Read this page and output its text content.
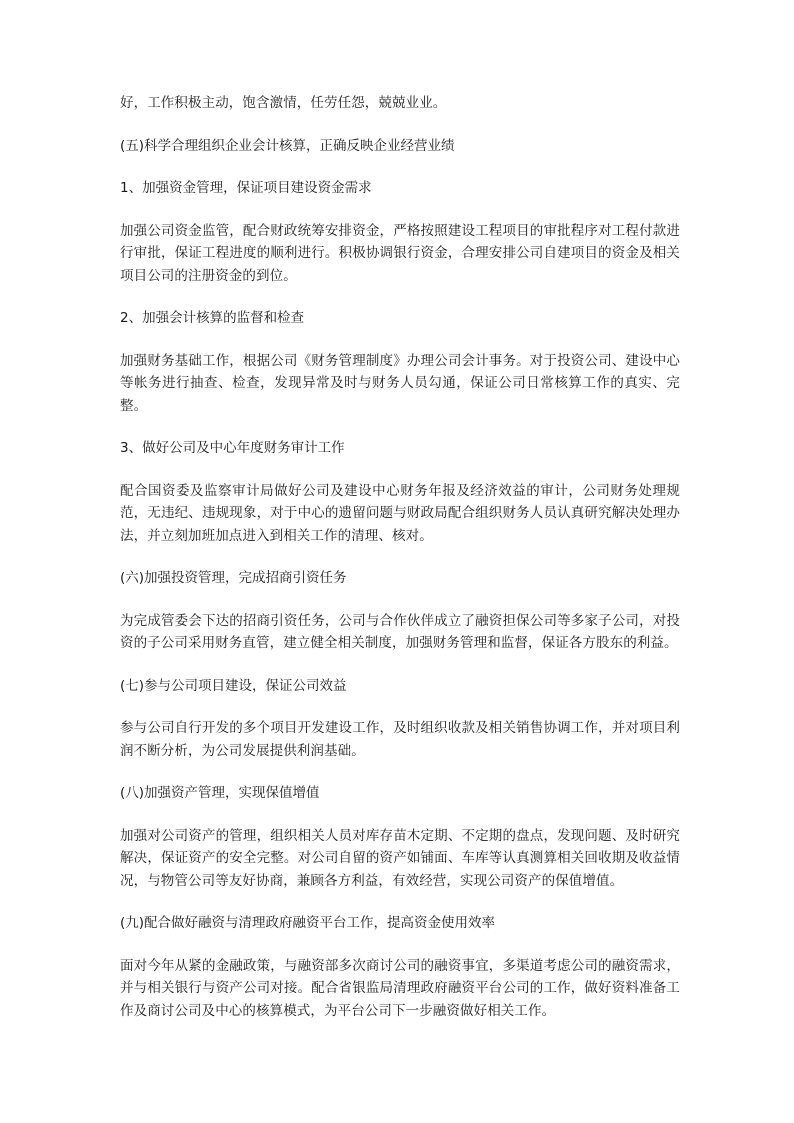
好，工作积极主动，饱含激情，任劳任怨，兢兢业业。

(五)科学合理组织企业会计核算，正确反映企业经营业绩

1、加强资金管理，保证项目建设资金需求

加强公司资金监管，配合财政统筹安排资金，严格按照建设工程项目的审批程序对工程付款进行审批，保证工程进度的顺利进行。积极协调银行资金，合理安排公司自建项目的资金及相关项目公司的注册资金的到位。

2、加强会计核算的监督和检查

加强财务基础工作，根据公司《财务管理制度》办理公司会计事务。对于投资公司、建设中心等帐务进行抽查、检查，发现异常及时与财务人员勾通，保证公司日常核算工作的真实、完整。

3、做好公司及中心年度财务审计工作

配合国资委及监察审计局做好公司及建设中心财务年报及经济效益的审计，公司财务处理规范，无违纪、违规现象，对于中心的遗留问题与财政局配合组织财务人员认真研究解决处理办法，并立刻加班加点进入到相关工作的清理、核对。

(六)加强投资管理，完成招商引资任务

为完成管委会下达的招商引资任务，公司与合作伙伴成立了融资担保公司等多家子公司，对投资的子公司采用财务直管，建立健全相关制度，加强财务管理和监督，保证各方股东的利益。

(七)参与公司项目建设，保证公司效益

参与公司自行开发的多个项目开发建设工作，及时组织收款及相关销售协调工作，并对项目利润不断分析，为公司发展提供利润基础。

(八)加强资产管理，实现保值增值

加强对公司资产的管理，组织相关人员对库存苗木定期、不定期的盘点，发现问题、及时研究解决，保证资产的安全完整。对公司自留的资产如铺面、车库等认真测算相关回收期及收益情况，与物管公司等友好协商，兼顾各方利益，有效经营，实现公司资产的保值增值。

(九)配合做好融资与清理政府融资平台工作，提高资金使用效率

面对今年从紧的金融政策，与融资部多次商讨公司的融资事宜，多渠道考虑公司的融资需求，并与相关银行与资产公司对接。配合省银监局清理政府融资平台公司的工作，做好资料准备工作及商讨公司及中心的核算模式，为平台公司下一步融资做好相关工作。
